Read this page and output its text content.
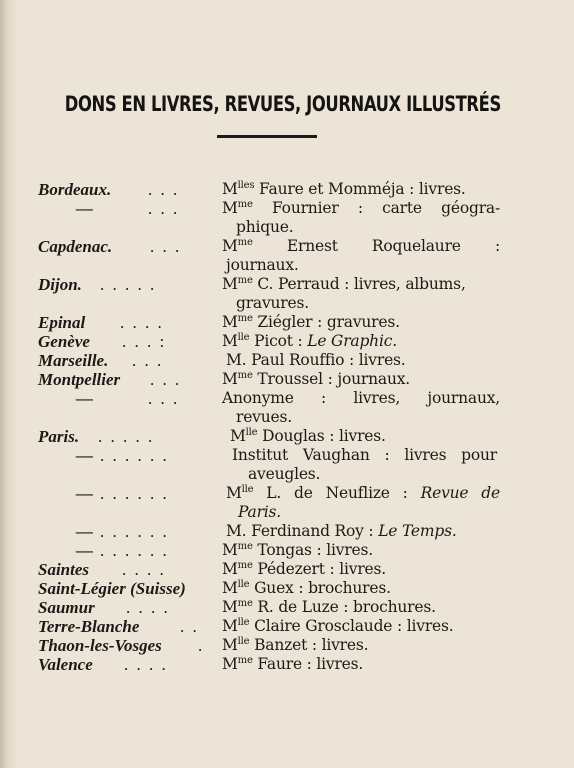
DONS EN LIVRES, REVUES, JOURNAUX ILLUSTRÉS
Bordeaux. . . .	$M^{lles}$ Faure et Momméja : livres.
—	. . .	$M^{me}$ Fournier : carte géogra-
phique.
Capdenac. . . .	$M^{me}$ Ernest Roquelaure :
journaux.
Dijon. . . . . .	$M^{me}$ C. Perraud : livres, albums,
gravures.
Epinal . . . .	$M^{me}$ Ziégler : gravures.
Genève . . . :	$M^{lle}$ Picot : Le Graphic.
Marseille. . . .	M. Paul Rouffio : livres.
Montpellier . . .	$M^{me}$ Troussel : journaux.
—	. . .	Anonyme : livres, journaux,
revues.
Paris. . . . . .	$M^{lle}$ Douglas : livres.
— . . . . . .	Institut Vaughan : livres pour
aveugles.
— . . . . . .	$M^{lle}$ L. de Neuflize : Revue de
Paris.
— . . . . . .	M. Ferdinand Roy : Le Temps.
— . . . . . .	$M^{me}$ Tongas : livres.
Saintes . . . .	$M^{me}$ Pédezert : livres.
Saint-Légier (Suisse) $M^{lle}$ Guex : brochures.
Saumur . . . .	$M^{me}$ R. de Luze : brochures.
Terre-Blanche . . $M^{lle}$ Claire Grosclaude : livres.
Thaon-les-Vosges . $M^{lle}$ Banzet : livres.
Valence . . . .	$M^{me}$ Faure : livres.
